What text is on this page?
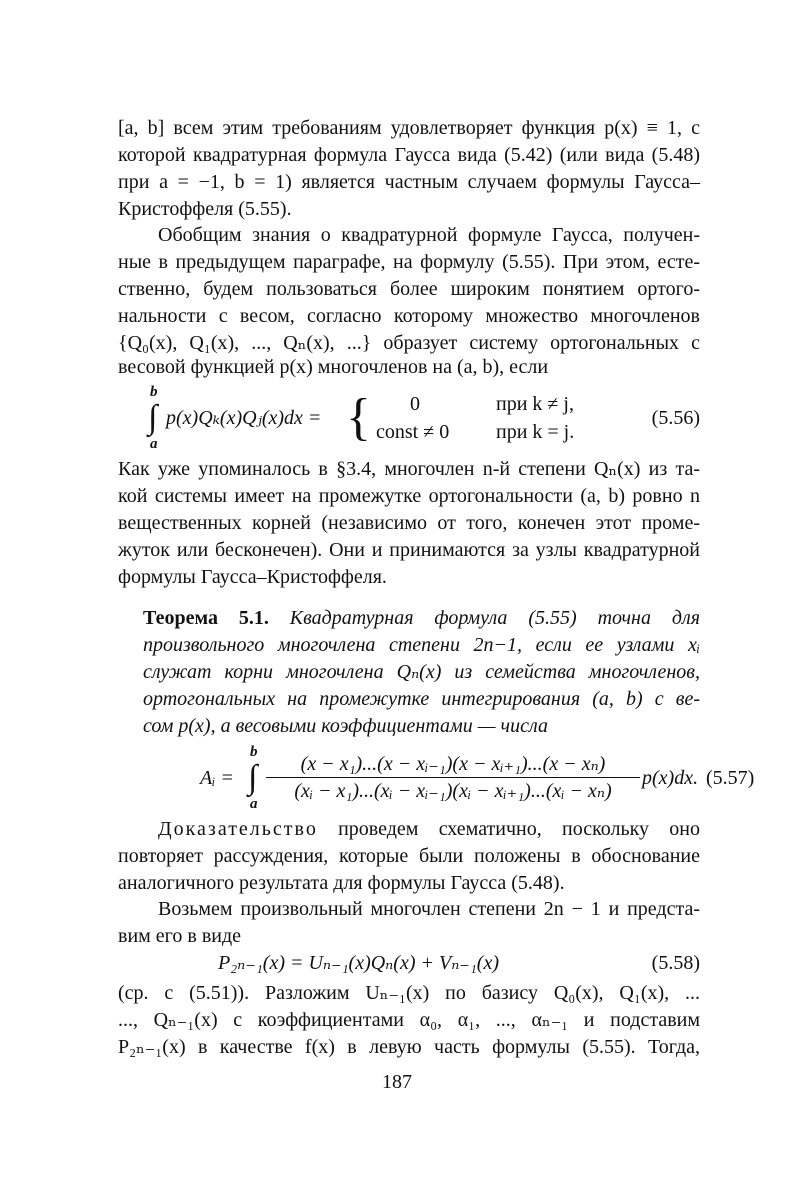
[a, b] всем этим требованиям удовлетворяет функция p(x) ≡ 1, с
которой квадратурная формула Гаусса вида (5.42) (или вида (5.48)
при a = −1, b = 1) является частным случаем формулы Гаусса–
Кристоффеля (5.55).
Обобщим знания о квадратурной формуле Гаусса, получен-
ные в предыдущем параграфе, на формулу (5.55). При этом, есте-
ственно, будем пользоваться более широким понятием ортого-
нальности с весом, согласно которому множество многочленов
{Q₀(x), Q₁(x), ..., Qₙ(x), ...} образует систему ортогональных с
весовой функцией p(x) многочленов на (a, b), если
b
∫
a
p(x)Qₖ(x)Qⱼ(x)dx = { 0	при k ≠ j,
const ≠ 0 при k = j.
(5.56)
Как уже упоминалось в §3.4, многочлен n-й степени Qₙ(x) из та-
кой системы имеет на промежутке ортогональности (a, b) ровно n
вещественных корней (независимо от того, конечен этот проме-
жуток или бесконечен). Они и принимаются за узлы квадратурной
формулы Гаусса–Кристоффеля.
Теорема 5.1. Квадратурная формула (5.55) точна для
произвольного многочлена степени 2n−1, если ее узлами xᵢ
служат корни многочлена Qₙ(x) из семейства многочленов,
ортогональных на промежутке интегрирования (a, b) с ве-
сом p(x), а весовыми коэффициентами — числа
Aᵢ =
b
∫
a
(x − x₁)...(x − xᵢ₋₁)(x − xᵢ₊₁)...(x − xₙ)
(xᵢ − x₁)...(xᵢ − xᵢ₋₁)(xᵢ − xᵢ₊₁)...(xᵢ − xₙ)
p(x)dx. (5.57)
Доказательство проведем схематично, поскольку оно
повторяет рассуждения, которые были положены в обоснование
аналогичного результата для формулы Гаусса (5.48).
Возьмем произвольный многочлен степени 2n − 1 и предста-
вим его в виде
P₂ₙ₋₁(x) = Uₙ₋₁(x)Qₙ(x) + Vₙ₋₁(x)	(5.58)
(ср. с (5.51)). Разложим Uₙ₋₁(x) по базису Q₀(x), Q₁(x), ...
..., Qₙ₋₁(x) с коэффициентами α₀, α₁, ..., αₙ₋₁ и подставим
P₂ₙ₋₁(x) в качестве f(x) в левую часть формулы (5.55). Тогда,
187
